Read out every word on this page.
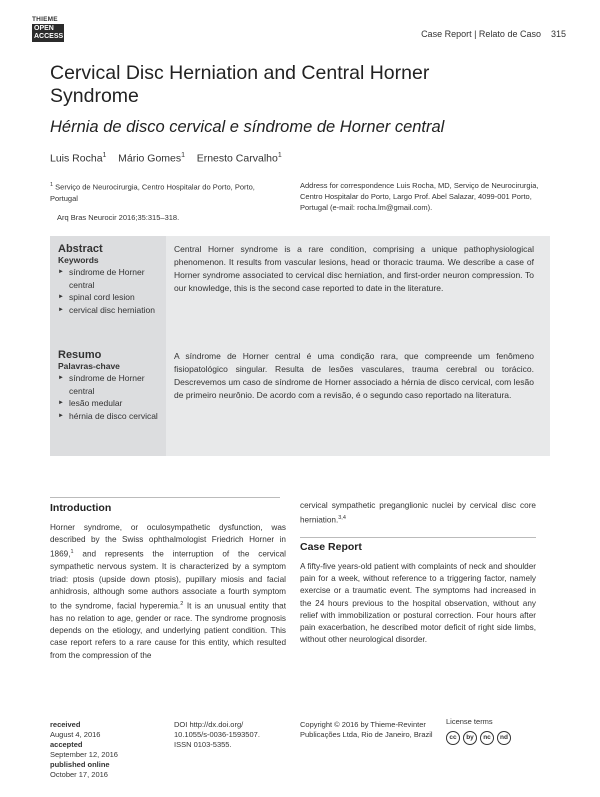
THIEME
OPEN
ACCESS	Case Report | Relato de Caso 315
Cervical Disc Herniation and Central Horner Syndrome
Hérnia de disco cervical e síndrome de Horner central
Luis Rocha$^1$ Mário Gomes$^1$ Ernesto Carvalho$^1$
$^1$ Serviço de Neurocirurgia, Centro Hospitalar do Porto, Porto, Portugal
Arq Bras Neurocir 2016;35:315–318.
Address for correspondence Luis Rocha, MD, Serviço de Neurocirurgia, Centro Hospitalar do Porto, Largo Prof. Abel Salazar, 4099-001 Porto, Portugal (e-mail: rocha.lm@gmail.com).
Abstract
Keywords
► síndrome de Horner central
► spinal cord lesion
► cervical disc herniation
Central Horner syndrome is a rare condition, comprising a unique pathophysiological phenomenon. It results from vascular lesions, head or thoracic trauma. We describe a case of Horner syndrome associated to cervical disc herniation, and first-order neuron compression. To our knowledge, this is the second case reported to date in the literature.
Resumo
Palavras-chave
► síndrome de Horner central
► lesão medular
► hérnia de disco cervical
A síndrome de Horner central é uma condição rara, que compreende um fenômeno fisiopatológico singular. Resulta de lesões vasculares, trauma cerebral ou torácico. Descrevemos um caso de síndrome de Horner associado a hérnia de disco cervical, com lesão de primeiro neurônio. De acordo com a revisão, é o segundo caso reportado na literatura.
Introduction
Horner syndrome, or oculosympathetic dysfunction, was described by the Swiss ophthalmologist Friedrich Horner in 1869,$^1$ and represents the interruption of the cervical sympathetic nervous system. It is characterized by a symptom triad: ptosis (upside down ptosis), pupillary miosis and facial anhidrosis, although some authors associate a fourth symptom to the syndrome, facial hyperemia.$^2$ It is an unusual entity that has no relation to age, gender or race. The syndrome prognosis depends on the etiology, and underlying patient condition. This case report refers to a rare cause for this entity, which resulted from the compression of the
cervical sympathetic preganglionic nuclei by cervical disc core herniation.$^{3,4}$
Case Report
A fifty-five years-old patient with complaints of neck and shoulder pain for a week, without reference to a triggering factor, namely exercise or a traumatic event. The symptoms had increased in the 24 hours previous to the hospital observation, without any relief with immobilization or postural correction. Four hours after pain exacerbation, he described motor deficit of right side limbs, without other neurological disorder.
received
August 4, 2016
accepted
September 12, 2016
published online
October 17, 2016
DOI http://dx.doi.org/
10.1055/s-0036-1593507.
ISSN 0103-5355.
Copyright © 2016 by Thieme-Revinter Publicações Ltda, Rio de Janeiro, Brazil
License terms
cc by nc nd
